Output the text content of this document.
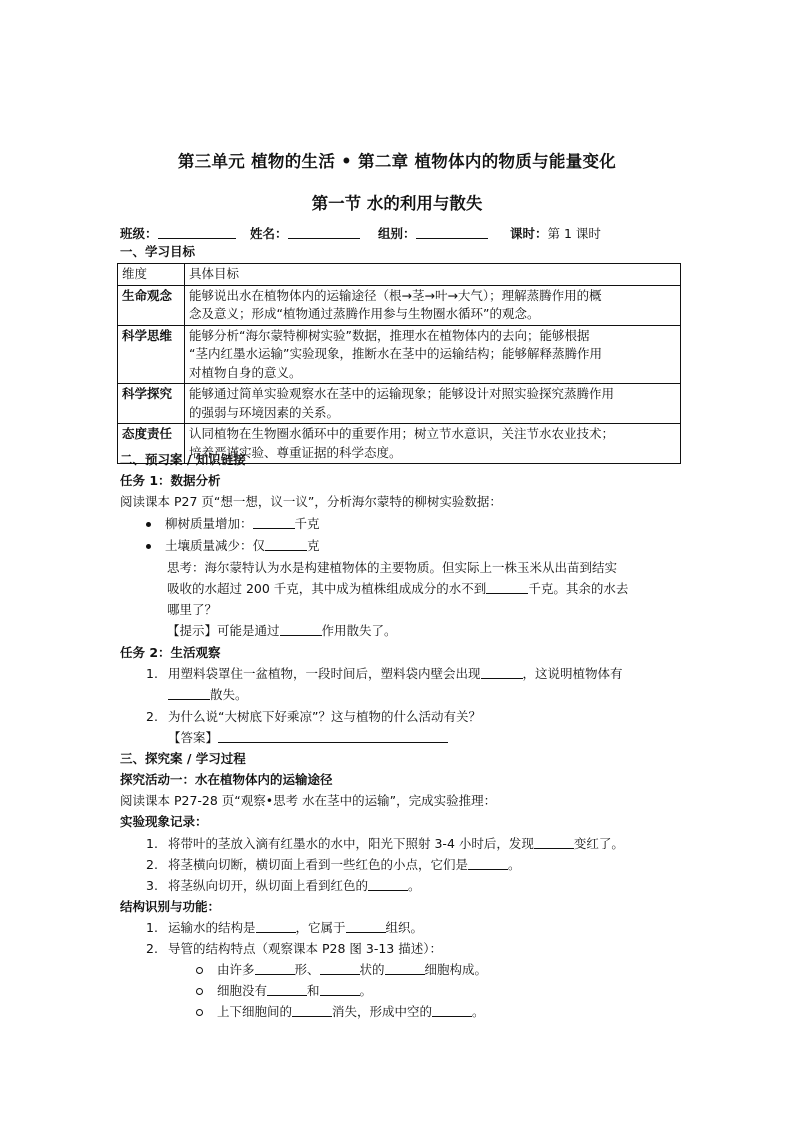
第三单元 植物的生活 • 第二章 植物体内的物质与能量变化
第一节 水的利用与散失
班级：	姓名：	组别：	课时：第 1 课时
一、学习目标
维度	具体目标
生命观念	能够说出水在植物体内的运输途径（根→茎→叶→大气）；理解蒸腾作用的概
念及意义；形成“植物通过蒸腾作用参与生物圈水循环”的观念。

科学思维	能够分析“海尔蒙特柳树实验”数据，推理水在植物体内的去向；能够根据
“茎内红墨水运输”实验现象，推断水在茎中的运输结构；能够解释蒸腾作用
对植物自身的意义。

科学探究	能够通过简单实验观察水在茎中的运输现象；能够设计对照实验探究蒸腾作用
的强弱与环境因素的关系。

态度责任	认同植物在生物圈水循环中的重要作用；树立节水意识，关注节水农业技术；
培养严谨实验、尊重证据的科学态度。
二、预习案 / 知识链接
任务 1：数据分析
阅读课本 P27 页“想一想，议一议”，分析海尔蒙特的柳树实验数据：
柳树质量增加：	千克
土壤质量减少：仅	克
思考：海尔蒙特认为水是构建植物体的主要物质。但实际上一株玉米从出苗到结实
吸收的水超过 200 千克，其中成为植株组成成分的水不到	千克。其余的水去
哪里了？
【提示】可能是通过	作用散失了。
任务 2：生活观察
1. 用塑料袋罩住一盆植物，一段时间后，塑料袋内壁会出现	，这说明植物体有
散失。
2. 为什么说“大树底下好乘凉”？这与植物的什么活动有关？
【答案】
三、探究案 / 学习过程
探究活动一：水在植物体内的运输途径
阅读课本 P27-28 页“观察•思考 水在茎中的运输”，完成实验推理：
实验现象记录：
1. 将带叶的茎放入滴有红墨水的水中，阳光下照射 3-4 小时后，发现	变红了。
2. 将茎横向切断，横切面上看到一些红色的小点，它们是	。
3. 将茎纵向切开，纵切面上看到红色的	。
结构识别与功能：
1. 运输水的结构是	，它属于	组织。
2. 导管的结构特点（观察课本 P28 图 3-13 描述）：
由许多	形、	状的	细胞构成。
细胞没有	和	。
上下细胞间的	消失，形成中空的	。
